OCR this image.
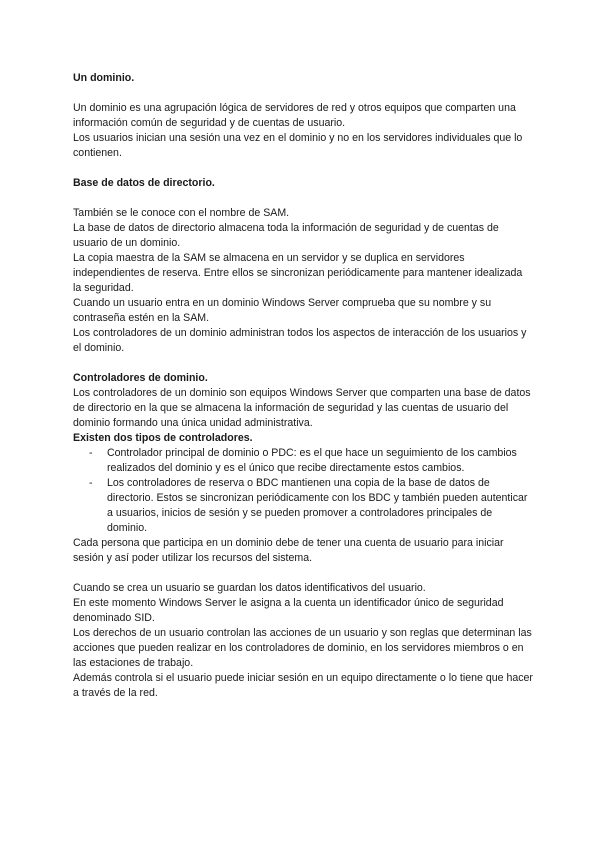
Un dominio.

Un dominio es una agrupación lógica de servidores de red y otros equipos que comparten una información común de seguridad y de cuentas de usuario.

Los usuarios inician una sesión una vez en el dominio y no en los servidores individuales que lo contienen.

Base de datos de directorio.

También se le conoce con el nombre de SAM.

La base de datos de directorio almacena toda la información de seguridad y de cuentas de usuario de un dominio.

La copia maestra de la SAM se almacena en un servidor y se duplica en servidores independientes de reserva. Entre ellos se sincronizan periódicamente para mantener idealizada la seguridad.

Cuando un usuario entra en un dominio Windows Server comprueba que su nombre y su contraseña estén en la SAM.

Los controladores de un dominio administran todos los aspectos de interacción de los usuarios y el dominio.

Controladores de dominio.

Los controladores de un dominio son equipos Windows Server que comparten una base de datos de directorio en la que se almacena la información de seguridad y las cuentas de usuario del dominio formando una única unidad administrativa.

Existen dos tipos de controladores.

- Controlador principal de dominio o PDC: es el que hace un seguimiento de los cambios realizados del dominio y es el único que recibe directamente estos cambios.
- Los controladores de reserva o BDC mantienen una copia de la base de datos de directorio. Estos se sincronizan periódicamente con los BDC y también pueden autenticar a usuarios, inicios de sesión y se pueden promover a controladores principales de dominio.

Cada persona que participa en un dominio debe de tener una cuenta de usuario para iniciar sesión y así poder utilizar los recursos del sistema.

Cuando se crea un usuario se guardan los datos identificativos del usuario.

En este momento Windows Server le asigna a la cuenta un identificador único de seguridad denominado SID.

Los derechos de un usuario controlan las acciones de un usuario y son reglas que determinan las acciones que pueden realizar en los controladores de dominio, en los servidores miembros o en las estaciones de trabajo.

Además controla si el usuario puede iniciar sesión en un equipo directamente o lo tiene que hacer a través de la red.
